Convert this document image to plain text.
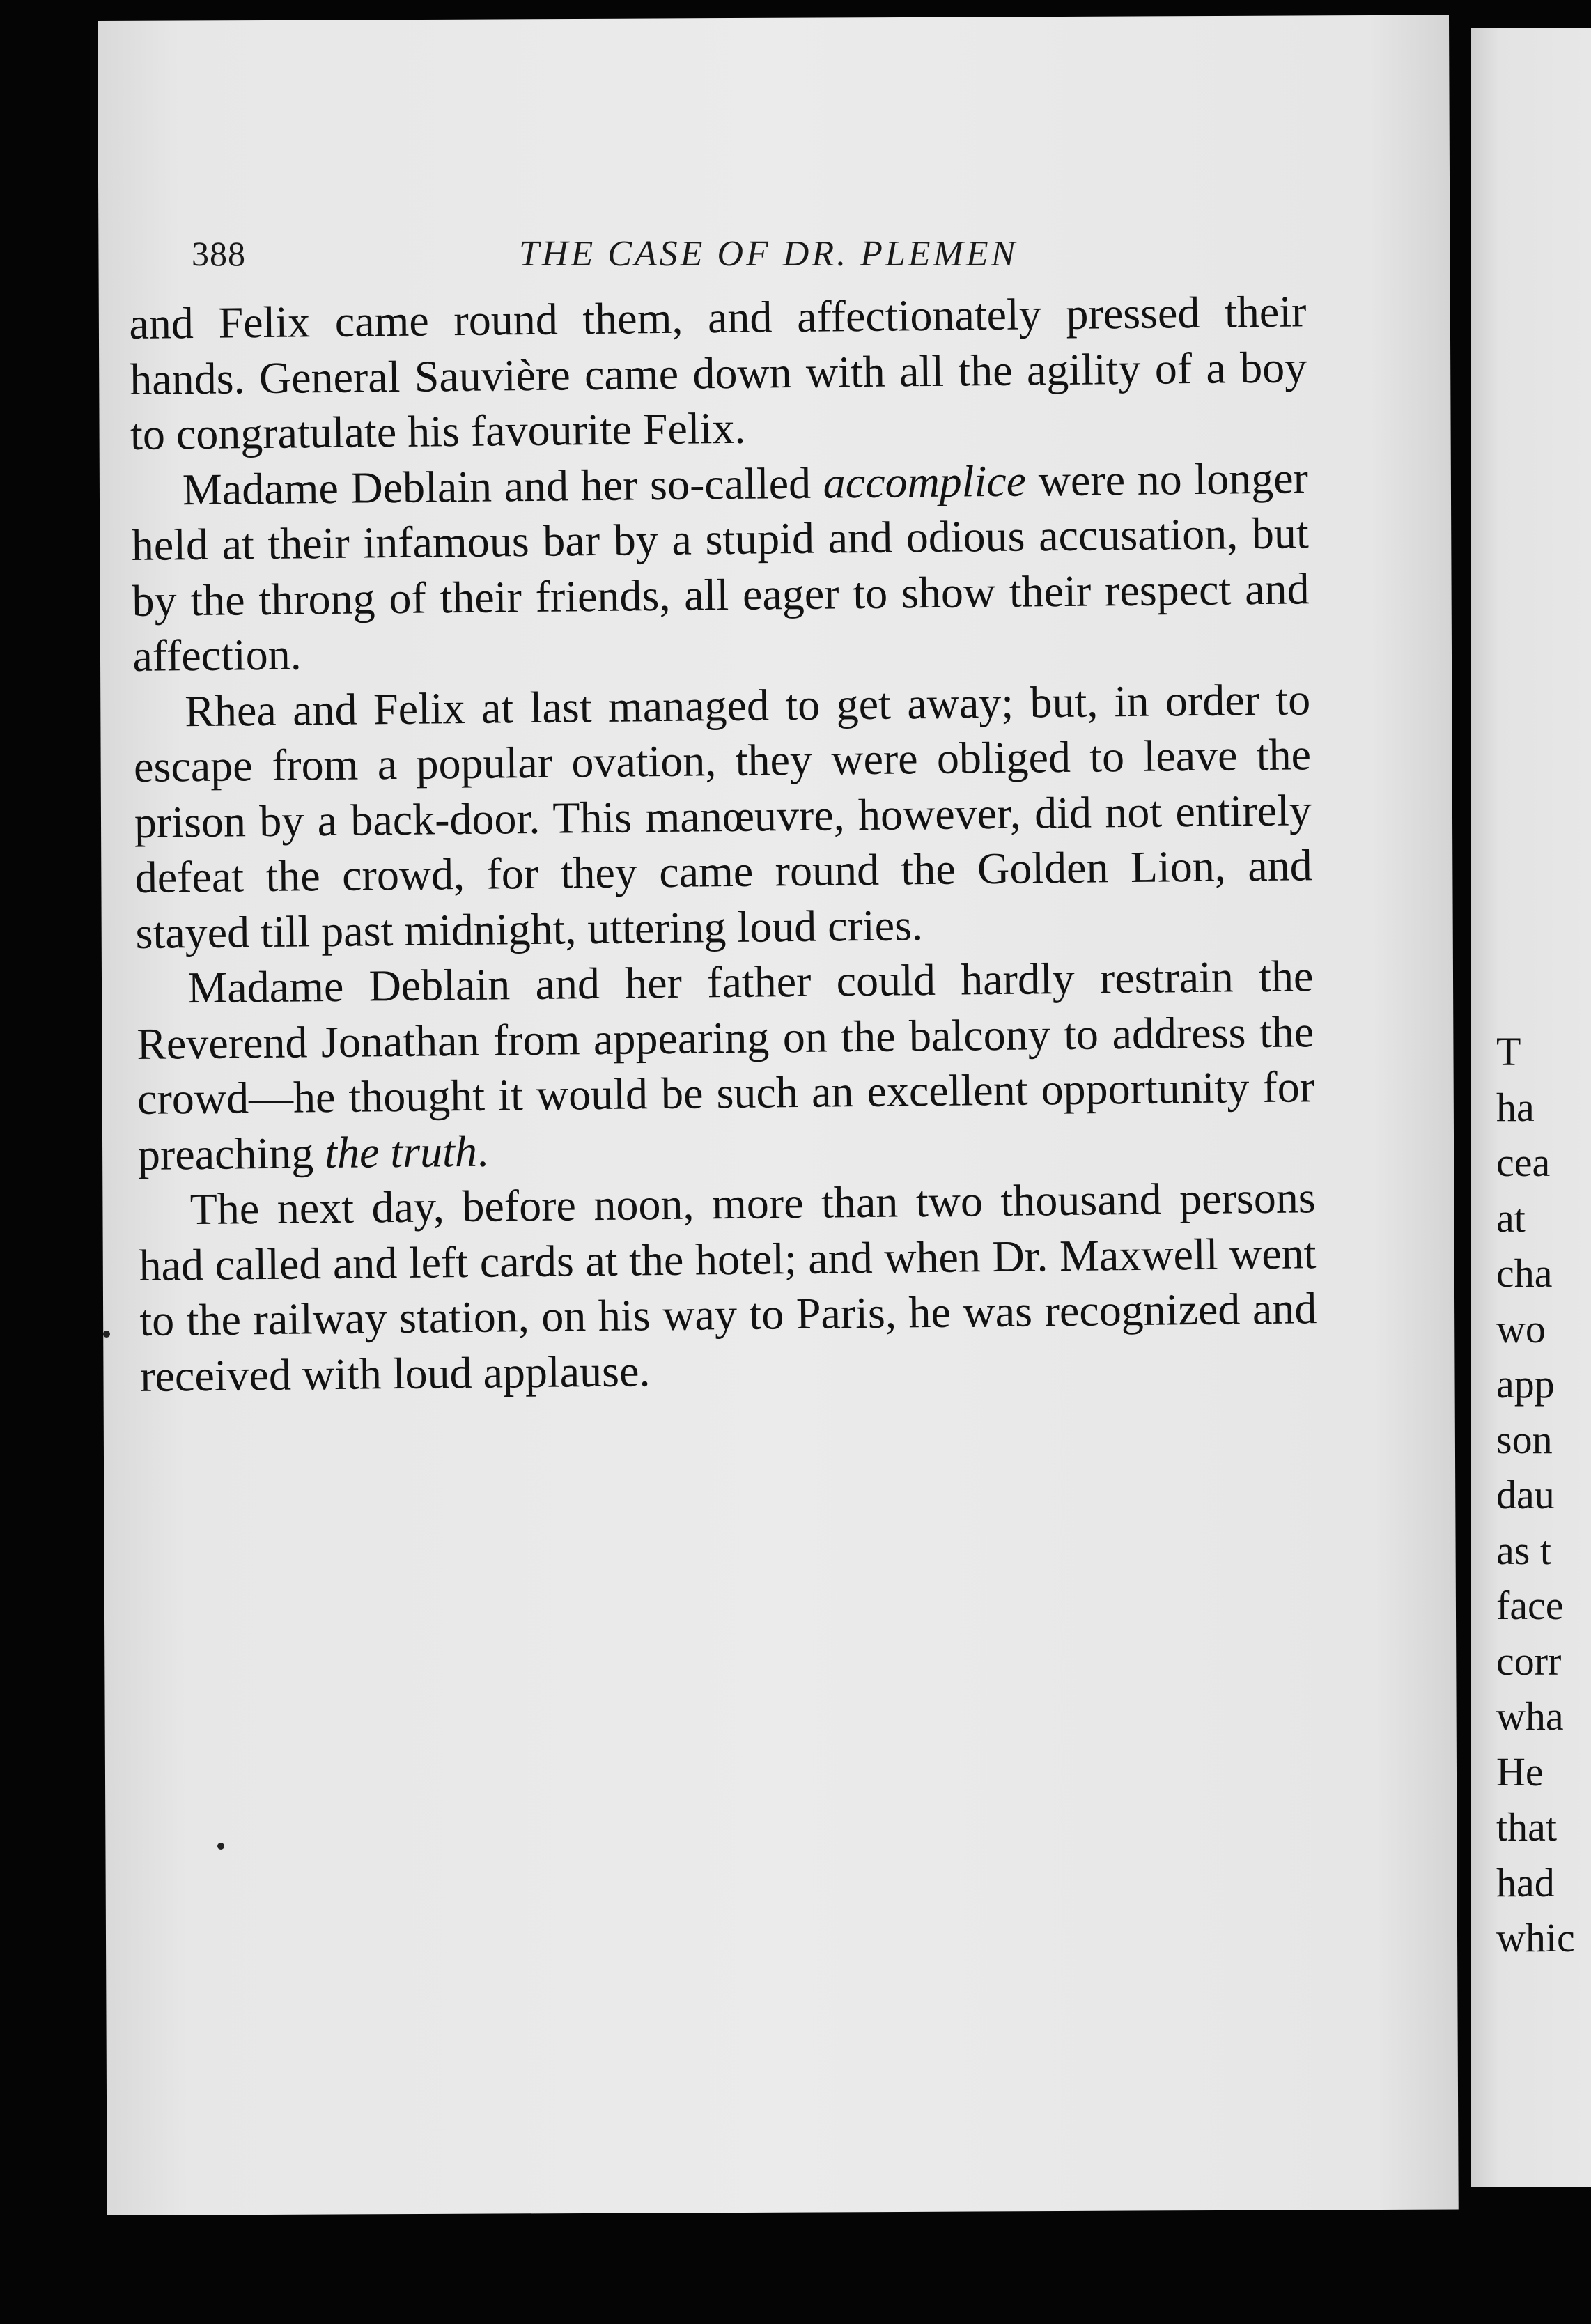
T
ha
cea
at
cha
wo
app
son
dau
as t
face
corr
wha
He
that
had
whic
388	THE CASE OF DR. PLEMEN

and Felix came round them, and affectionately pressed their hands. General Sauvière came down with all the agility of a boy to congratulate his favourite Felix.

Madame Deblain and her so-called accomplice were no longer held at their infamous bar by a stupid and odious accusation, but by the throng of their friends, all eager to show their respect and affection.

Rhea and Felix at last managed to get away; but, in order to escape from a popular ovation, they were obliged to leave the prison by a back-door. This manœuvre, however, did not entirely defeat the crowd, for they came round the Golden Lion, and stayed till past midnight, uttering loud cries.

Madame Deblain and her father could hardly restrain the Reverend Jonathan from appearing on the balcony to address the crowd—he thought it would be such an excellent opportunity for preaching the truth.

The next day, before noon, more than two thousand persons had called and left cards at the hotel; and when Dr. Maxwell went to the railway station, on his way to Paris, he was recognized and received with loud applause.
